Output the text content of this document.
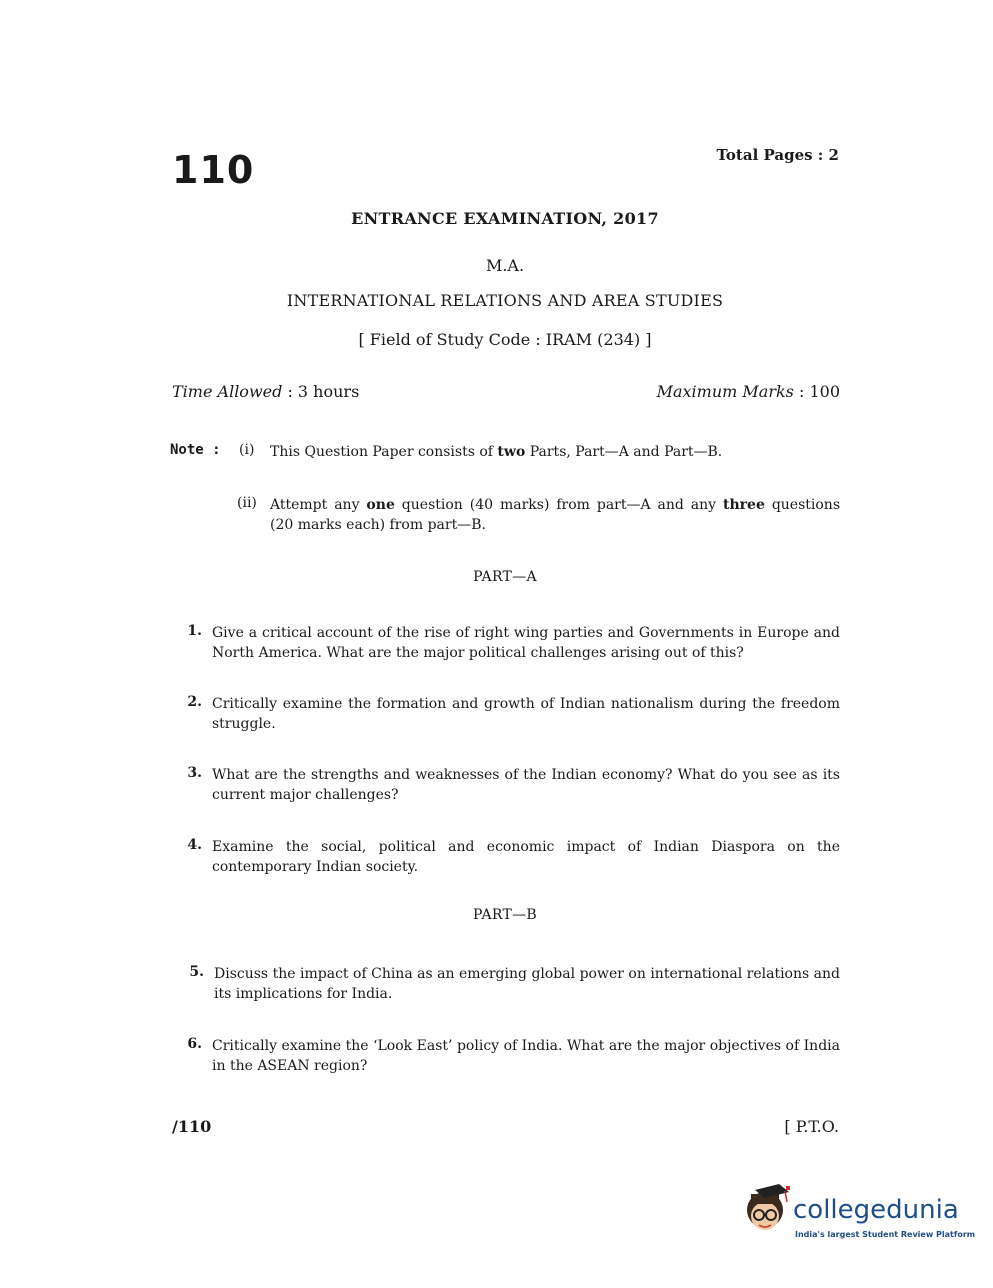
110	Total Pages : 2
ENTRANCE EXAMINATION, 2017
M.A.
INTERNATIONAL RELATIONS AND AREA STUDIES
[ Field of Study Code : IRAM (234) ]
Time Allowed : 3 hours	Maximum Marks : 100
Note : (i) This Question Paper consists of two Parts, Part—A and Part—B.
(ii) Attempt any one question (40 marks) from part—A and any three questions (20 marks each) from part—B.
PART—A
1. Give a critical account of the rise of right wing parties and Governments in Europe and North America. What are the major political challenges arising out of this?
2. Critically examine the formation and growth of Indian nationalism during the freedom struggle.
3. What are the strengths and weaknesses of the Indian economy? What do you see as its current major challenges?
4. Examine the social, political and economic impact of Indian Diaspora on the contemporary Indian society.
PART—B
5. Discuss the impact of China as an emerging global power on international relations and its implications for India.
6. Critically examine the ‘Look East’ policy of India. What are the major objectives of India in the ASEAN region?
/110	[ P.T.O.
collegedunia
India's largest Student Review Platform
